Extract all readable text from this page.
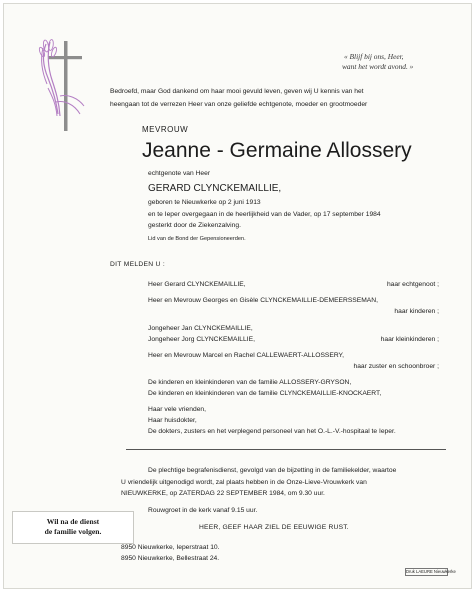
« Blijf bij ons, Heer,
want het wordt avond. »
Bedroefd, maar God dankend om haar mooi gevuld leven, geven wij U kennis van het
heengaan tot de verrezen Heer van onze geliefde echtgenote, moeder en grootmoeder
MEVROUW
Jeanne - Germaine Allossery
echtgenote van Heer
GERARD CLYNCKEMAILLIE,
geboren te Nieuwkerke op 2 juni 1913
en te Ieper overgegaan in de heerlijkheid van de Vader, op 17 september 1984
gesterkt door de Ziekenzalving.
Lid van de Bond der Gepensioneerden.
DIT MELDEN U :
Heer Gerard CLYNCKEMAILLIE,	haar echtgenoot ;
Heer en Mevrouw Georges en Gisèle CLYNCKEMAILLIE-DEMEERSSEMAN,
haar kinderen ;
Jongeheer Jan CLYNCKEMAILLIE,
Jongeheer Jorg CLYNCKEMAILLIE,	haar kleinkinderen ;
Heer en Mevrouw Marcel en Rachel CALLEWAERT-ALLOSSERY,
haar zuster en schoonbroer ;
De kinderen en kleinkinderen van de familie ALLOSSERY-GRYSON,
De kinderen en kleinkinderen van de familie CLYNCKEMAILLIE-KNOCKAERT,
Haar vele vrienden,
Haar huisdokter,
De dokters, zusters en het verplegend personeel van het O.-L.-V.-hospitaal te Ieper.
De plechtige begrafenisdienst, gevolgd van de bijzetting in de familiekelder, waartoe
U vriendelijk uitgenodigd wordt, zal plaats hebben in de Onze-Lieve-Vrouwkerk van
NIEUWKERKE, op ZATERDAG 22 SEPTEMBER 1984, om 9.30 uur.
Rouwgroet in de kerk vanaf 9.15 uur.
HEER, GEEF HAAR ZIEL DE EEUWIGE RUST.
Wil na de dienst
de familie volgen.
8950 Nieuwkerke, Ieperstraat 10.
8950 Nieuwkerke, Bellestraat 24.
Druk LAEURE Nieuwkerke
